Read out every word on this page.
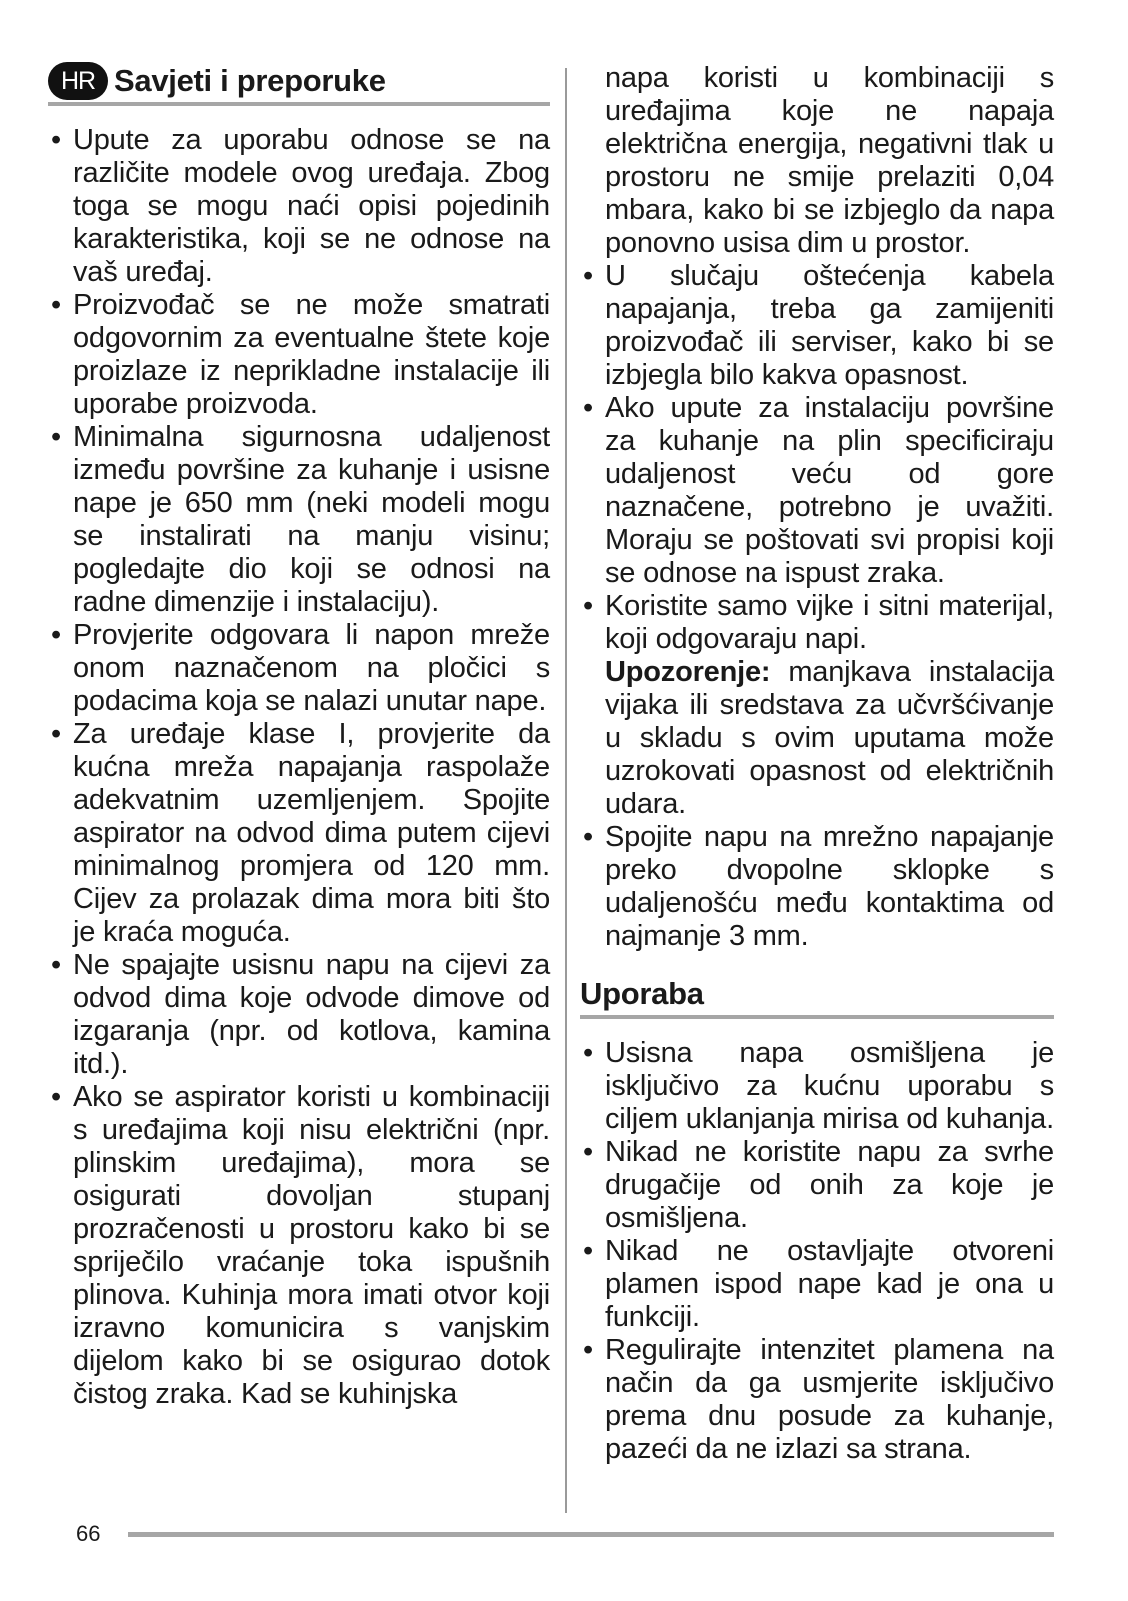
HR Savjeti i preporuke
• Upute za uporabu odnose se na različite modele ovog uređaja. Zbog toga se mogu naći opisi pojedinih karakteristika, koji se ne odnose na vaš uređaj.
• Proizvođač se ne može smatrati odgovornim za eventualne štete koje proizlaze iz neprikladne instalacije ili uporabe proizvoda.
• Minimalna sigurnosna udaljenost između površine za kuhanje i usisne nape je 650 mm (neki modeli mogu se instalirati na manju visinu; pogledajte dio koji se odnosi na radne dimenzije i instalaciju).
• Provjerite odgovara li napon mreže onom naznačenom na pločici s podacima koja se nalazi unutar nape.
• Za uređaje klase I, provjerite da kućna mreža napajanja raspolaže adekvatnim uzemljenjem. Spojite aspirator na odvod dima putem cijevi minimalnog promjera od 120 mm. Cijev za prolazak dima mora biti što je kraća moguća.
• Ne spajajte usisnu napu na cijevi za odvod dima koje odvode dimove od izgaranja (npr. od kotlova, kamina itd.).
• Ako se aspirator koristi u kombinaciji s uređajima koji nisu električni (npr. plinskim uređajima), mora se osigurati dovoljan stupanj prozračenosti u prostoru kako bi se spriječilo vraćanje toka ispušnih plinova. Kuhinja mora imati otvor koji izravno komunicira s vanjskim dijelom kako bi se osigurao dotok čistog zraka. Kad se kuhinjska
napa koristi u kombinaciji s uređajima koje ne napaja električna energija, negativni tlak u prostoru ne smije prelaziti 0,04 mbara, kako bi se izbjeglo da napa ponovno usisa dim u prostor.
• U slučaju oštećenja kabela napajanja, treba ga zamijeniti proizvođač ili serviser, kako bi se izbjegla bilo kakva opasnost.
• Ako upute za instalaciju površine za kuhanje na plin specificiraju udaljenost veću od gore naznačene, potrebno je uvažiti. Moraju se poštovati svi propisi koji se odnose na ispust zraka.
• Koristite samo vijke i sitni materijal, koji odgovaraju napi.
Upozorenje: manjkava instalacija vijaka ili sredstava za učvršćivanje u skladu s ovim uputama može uzrokovati opasnost od električnih udara.
• Spojite napu na mrežno napajanje preko dvopolne sklopke s udaljenošću među kontaktima od najmanje 3 mm.
Uporaba
• Usisna napa osmišljena je isključivo za kućnu uporabu s ciljem uklanjanja mirisa od kuhanja.
• Nikad ne koristite napu za svrhe drugačije od onih za koje je osmišljena.
• Nikad ne ostavljajte otvoreni plamen ispod nape kad je ona u funkciji.
• Regulirajte intenzitet plamena na način da ga usmjerite isključivo prema dnu posude za kuhanje, pazeći da ne izlazi sa strana.
66
